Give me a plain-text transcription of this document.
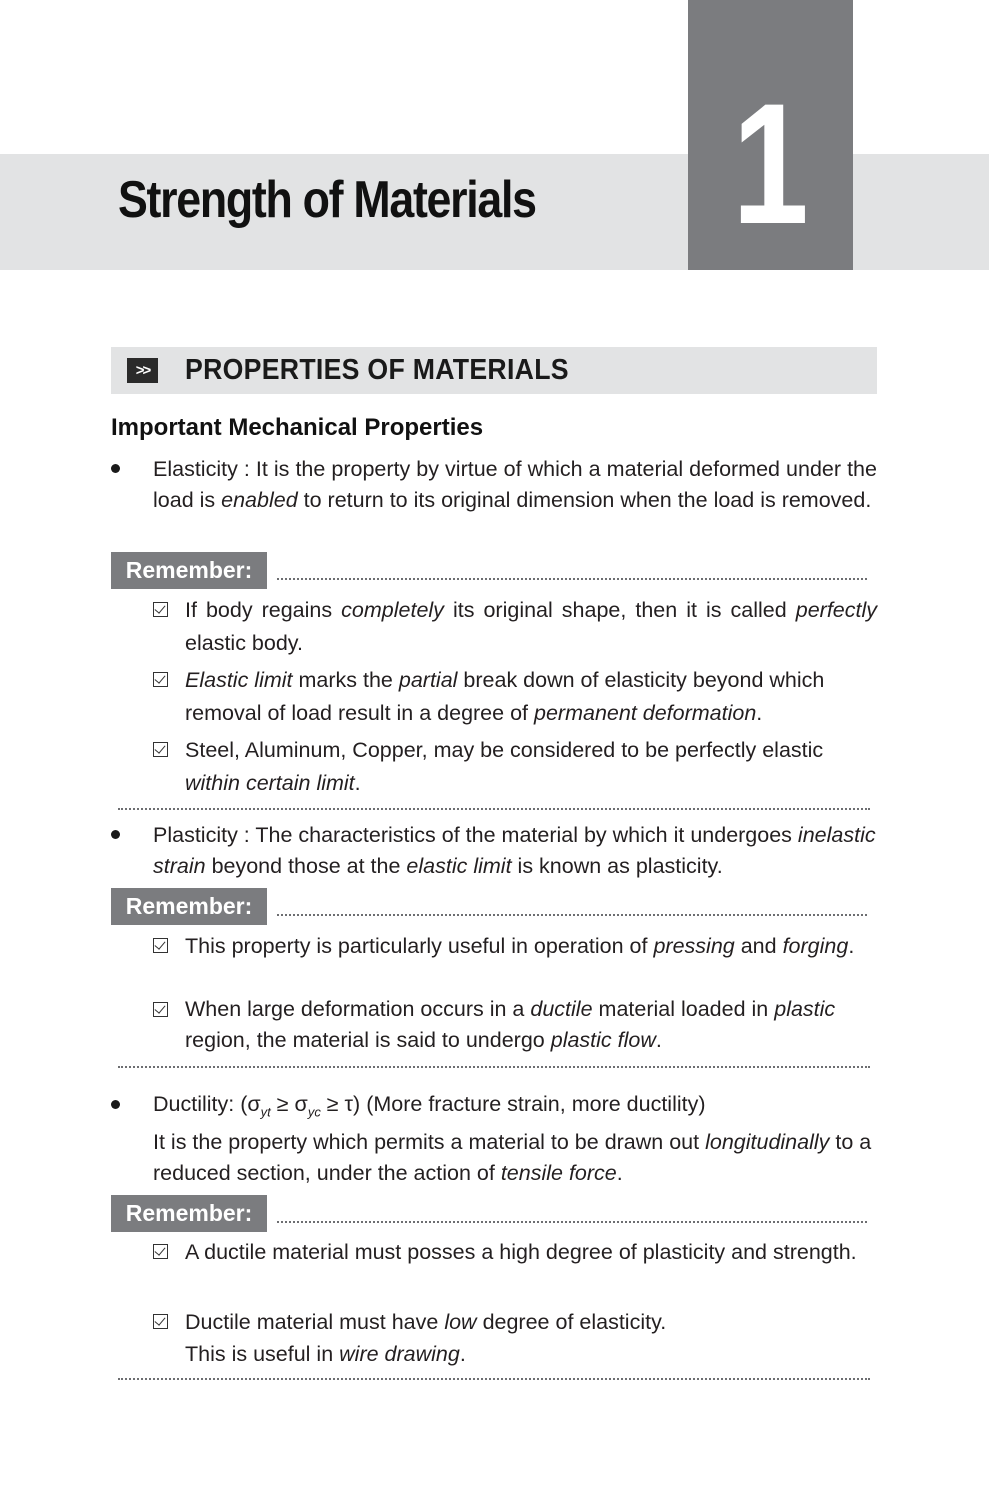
Strength of Materials 1
>>	PROPERTIES OF MATERIALS
Important Mechanical Properties
Elasticity : It is the property by virtue of which a material deformed under the load is enabled to return to its original dimension when the load is removed.
Remember:
If body regains completely its original shape, then it is called perfectly elastic body.
Elastic limit marks the partial break down of elasticity beyond which removal of load result in a degree of permanent deformation.
Steel, Aluminum, Copper, may be considered to be perfectly elastic within certain limit.
Plasticity : The characteristics of the material by which it undergoes inelastic strain beyond those at the elastic limit is known as plasticity.
Remember:
This property is particularly useful in operation of pressing and forging.
When large deformation occurs in a ductile material loaded in plastic region, the material is said to undergo plastic flow.
Ductility: $(\sigma_{yt} \ge \sigma_{yc} \ge \tau)$ (More fracture strain, more ductility)
It is the property which permits a material to be drawn out longitudinally to a reduced section, under the action of tensile force.
Remember:
A ductile material must posses a high degree of plasticity and strength.
Ductile material must have low degree of elasticity.
This is useful in wire drawing.
